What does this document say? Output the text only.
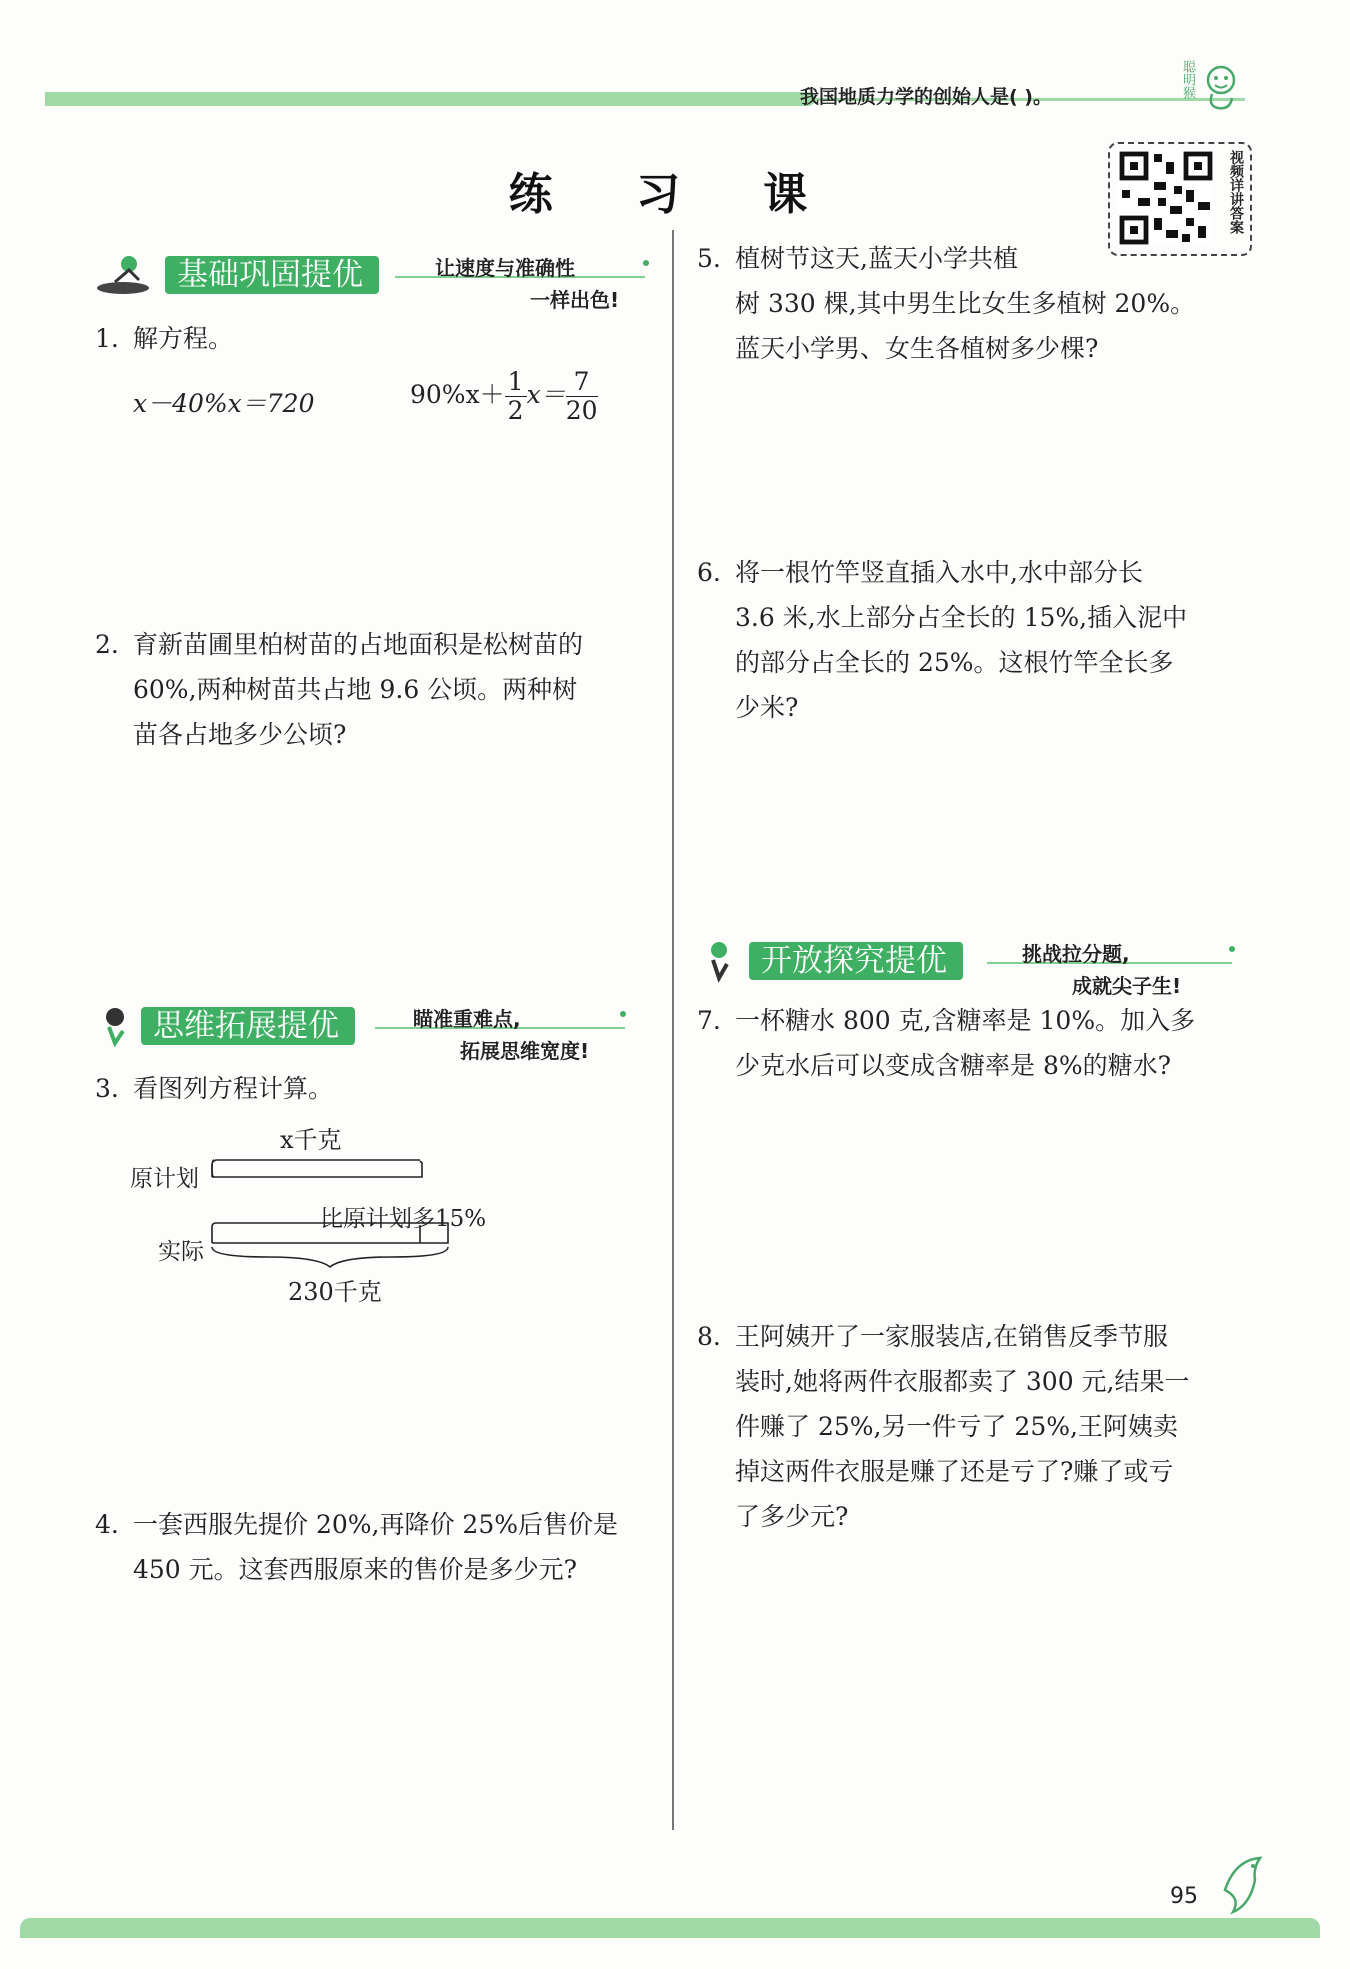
我国地质力学的创始人是( )。	聪明猴
练 习 课	视频详讲答案
基础巩固提优	让速度与准确性
一样出色!
1. 解方程。
x－40%x＝720	$90\%x+ \frac{1}{2} x= \frac{7}{20}$
2. 育新苗圃里柏树苗的占地面积是松树苗的
60%,两种树苗共占地 9.6 公顷。两种树
苗各占地多少公顷?
思维拓展提优	瞄准重难点,
拓展思维宽度!
3. 看图列方程计算。
x千克
原计划
比原计划多15%
实际
230千克
4. 一套西服先提价 20%,再降价 25%后售价是
450 元。这套西服原来的售价是多少元?
5. 植树节这天,蓝天小学共植
树 330 棵,其中男生比女生多植树 20%。
蓝天小学男、女生各植树多少棵?
6. 将一根竹竿竖直插入水中,水中部分长
3.6 米,水上部分占全长的 15%,插入泥中
的部分占全长的 25%。这根竹竿全长多
少米?
开放探究提优	挑战拉分题,
成就尖子生!
7. 一杯糖水 800 克,含糖率是 10%。加入多
少克水后可以变成含糖率是 8%的糖水?
8. 王阿姨开了一家服装店,在销售反季节服
装时,她将两件衣服都卖了 300 元,结果一
件赚了 25%,另一件亏了 25%,王阿姨卖
掉这两件衣服是赚了还是亏了?赚了或亏
了多少元?
95
